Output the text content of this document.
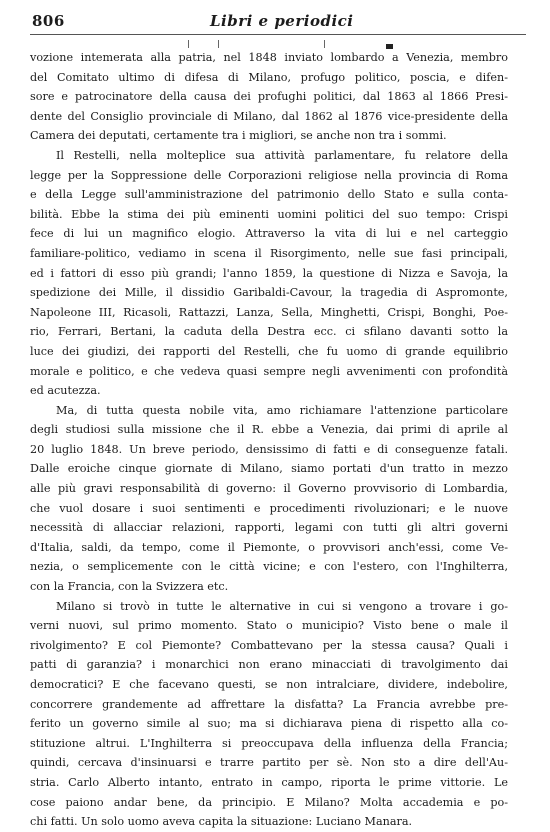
806	Libri e periodici
vozione intemerata alla patria, nel 1848 inviato lombardo a Venezia, membro
del Comitato ultimo di difesa di Milano, profugo politico, poscia, e difen-
sore e patrocinatore della causa dei profughi politici, dal 1863 al 1866 Presi-
dente del Consiglio provinciale di Milano, dal 1862 al 1876 vice-presidente della
Camera dei deputati, certamente tra i migliori, se anche non tra i sommi.
Il Restelli, nella molteplice sua attività parlamentare, fu relatore della
legge per la Soppressione delle Corporazioni religiose nella provincia di Roma
e della Legge sull'amministrazione del patrimonio dello Stato e sulla conta-
bilità. Ebbe la stima dei più eminenti uomini politici del suo tempo: Crispi
fece di lui un magnifico elogio. Attraverso la vita di lui e nel carteggio
familiare-politico, vediamo in scena il Risorgimento, nelle sue fasi principali,
ed i fattori di esso più grandi; l'anno 1859, la questione di Nizza e Savoja, la
spedizione dei Mille, il dissidio Garibaldi-Cavour, la tragedia di Aspromonte,
Napoleone III, Ricasoli, Rattazzi, Lanza, Sella, Minghetti, Crispi, Bonghi, Poe-
rio, Ferrari, Bertani, la caduta della Destra ecc. ci sfilano davanti sotto la
luce dei giudizi, dei rapporti del Restelli, che fu uomo di grande equilibrio
morale e politico, e che vedeva quasi sempre negli avvenimenti con profondità
ed acutezza.
Ma, di tutta questa nobile vita, amo richiamare l'attenzione particolare
degli studiosi sulla missione che il R. ebbe a Venezia, dai primi di aprile al
20 luglio 1848. Un breve periodo, densissimo di fatti e di conseguenze fatali.
Dalle eroiche cinque giornate di Milano, siamo portati d'un tratto in mezzo
alle più gravi responsabilità di governo: il Governo provvisorio di Lombardia,
che vuol dosare i suoi sentimenti e procedimenti rivoluzionari; e le nuove
necessità di allacciar relazioni, rapporti, legami con tutti gli altri governi
d'Italia, saldi, da tempo, come il Piemonte, o provvisori anch'essi, come Ve-
nezia, o semplicemente con le città vicine; e con l'estero, con l'Inghilterra,
con la Francia, con la Svizzera etc.
Milano si trovò in tutte le alternative in cui si vengono a trovare i go-
verni nuovi, sul primo momento. Stato o municipio? Visto bene o male il
rivolgimento? E col Piemonte? Combattevano per la stessa causa? Quali i
patti di garanzia? i monarchici non erano minacciati di travolgimento dai
democratici? E che facevano questi, se non intralciare, dividere, indebolire,
concorrere grandemente ad affrettare la disfatta? La Francia avrebbe pre-
ferito un governo simile al suo; ma si dichiarava piena di rispetto alla co-
stituzione altrui. L'Inghilterra si preoccupava della influenza della Francia;
quindi, cercava d'insinuarsi e trarre partito per sè. Non sto a dire dell'Au-
stria. Carlo Alberto intanto, entrato in campo, riporta le prime vittorie. Le
cose paiono andar bene, da principio. E Milano? Molta accademia e po-
chi fatti. Un solo uomo aveva capita la situazione: Luciano Manara.
